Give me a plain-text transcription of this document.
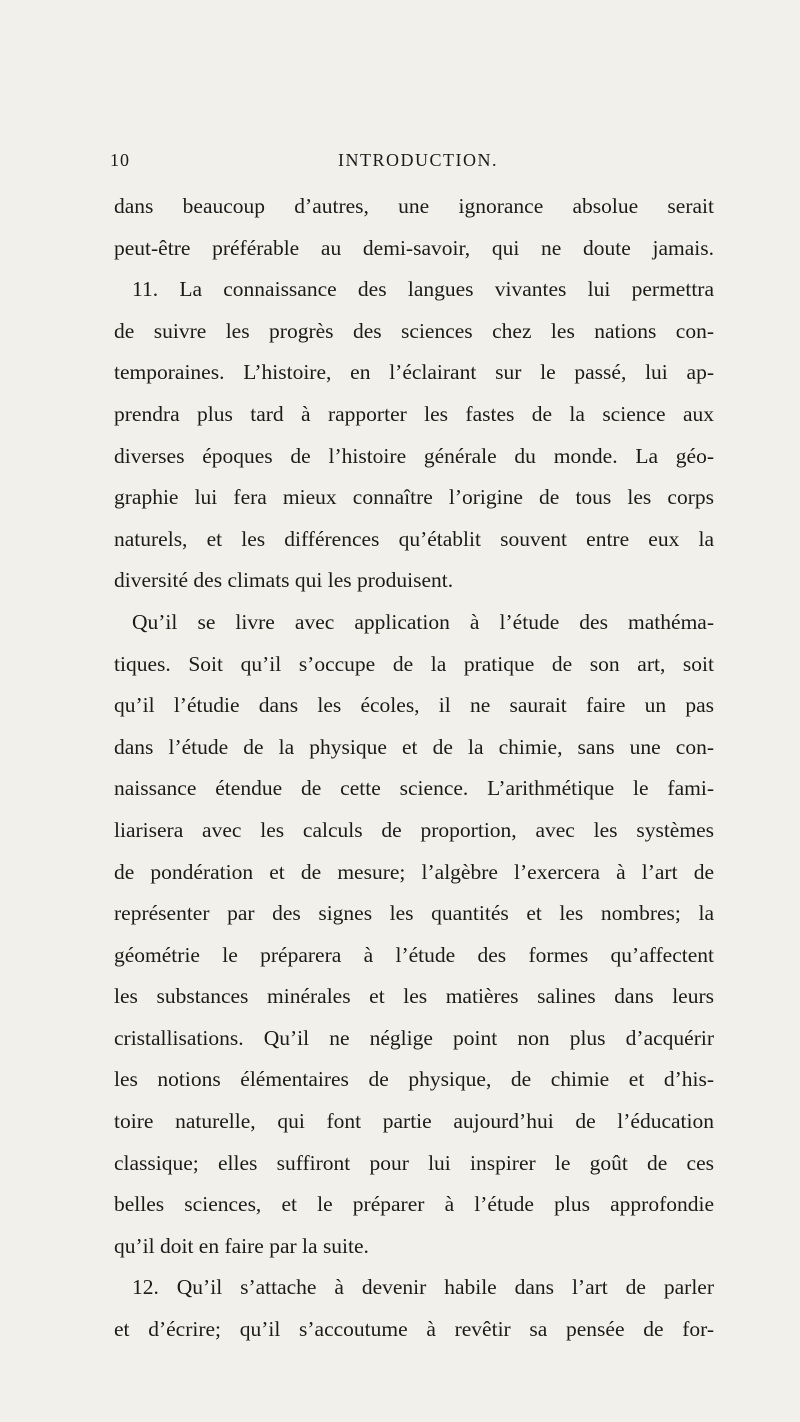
10	INTRODUCTION.
dans beaucoup d’autres, une ignorance absolue serait
peut-être préférable au demi-savoir, qui ne doute jamais.
11. La connaissance des langues vivantes lui permettra
de suivre les progrès des sciences chez les nations con-
temporaines. L’histoire, en l’éclairant sur le passé, lui ap-
prendra plus tard à rapporter les fastes de la science aux
diverses époques de l’histoire générale du monde. La géo-
graphie lui fera mieux connaître l’origine de tous les corps
naturels, et les différences qu’établit souvent entre eux la
diversité des climats qui les produisent.
Qu’il se livre avec application à l’étude des mathéma-
tiques. Soit qu’il s’occupe de la pratique de son art, soit
qu’il l’étudie dans les écoles, il ne saurait faire un pas
dans l’étude de la physique et de la chimie, sans une con-
naissance étendue de cette science. L’arithmétique le fami-
liarisera avec les calculs de proportion, avec les systèmes
de pondération et de mesure; l’algèbre l’exercera à l’art de
représenter par des signes les quantités et les nombres; la
géométrie le préparera à l’étude des formes qu’affectent
les substances minérales et les matières salines dans leurs
cristallisations. Qu’il ne néglige point non plus d’acquérir
les notions élémentaires de physique, de chimie et d’his-
toire naturelle, qui font partie aujourd’hui de l’éducation
classique; elles suffiront pour lui inspirer le goût de ces
belles sciences, et le préparer à l’étude plus approfondie
qu’il doit en faire par la suite.
12. Qu’il s’attache à devenir habile dans l’art de parler
et d’écrire; qu’il s’accoutume à revêtir sa pensée de for-
